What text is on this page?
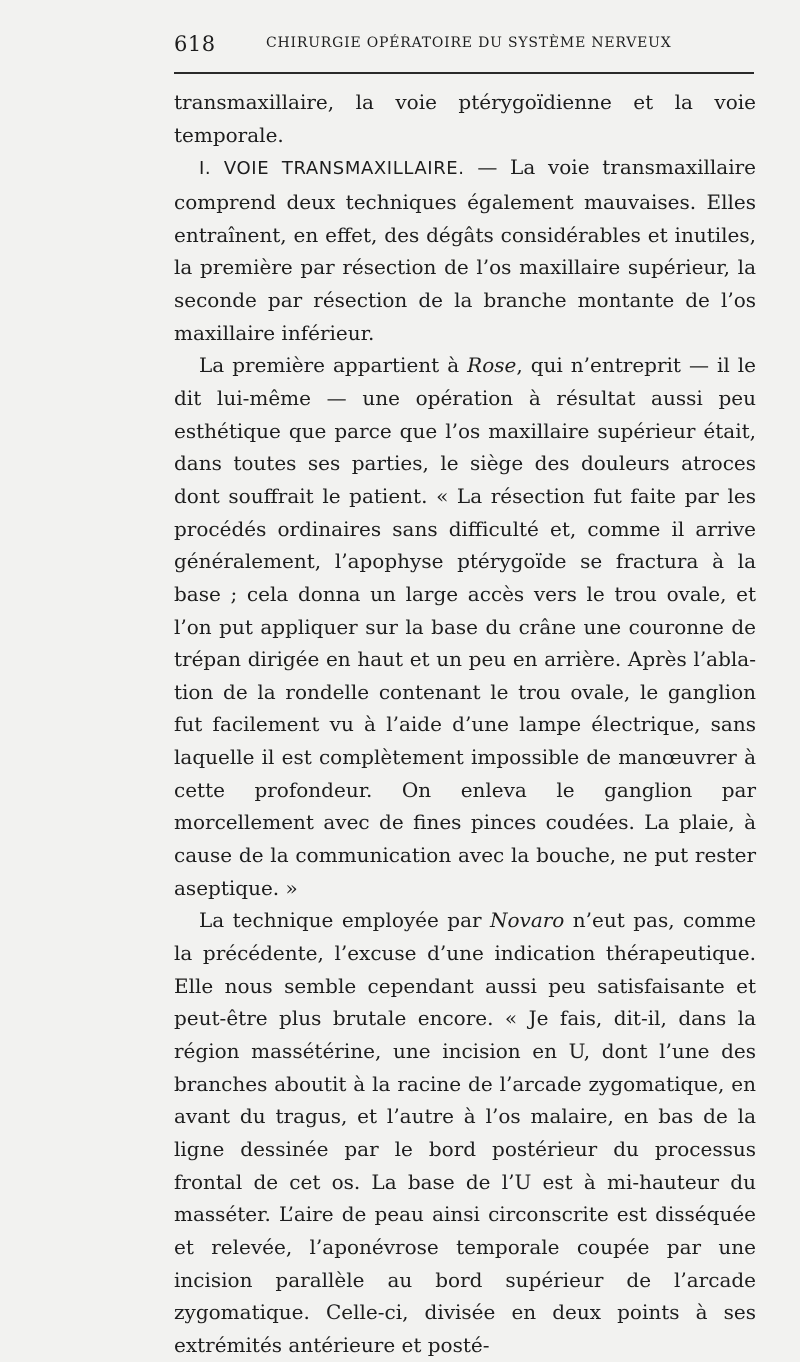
618	CHIRURGIE OPÉRATOIRE DU SYSTÈME NERVEUX

transmaxillaire, la voie ptérygoïdienne et la voie temporale.

I. VOIE TRANSMAXILLAIRE. — La voie transmaxillaire comprend deux techniques également mauvaises. Elles entraînent, en effet, des dégâts considérables et inutiles, la première par résection de l’os maxillaire supérieur, la seconde par résection de la branche montante de l’os maxillaire inférieur.

La première appartient à Rose, qui n’entreprit — il le dit lui-même — une opération à résultat aussi peu esthétique que parce que l’os maxillaire supérieur était, dans toutes ses parties, le siège des douleurs atroces dont souffrait le patient. « La résection fut faite par les procédés ordinaires sans difficulté et, comme il arrive généralement, l’apophyse ptérygoïde se fractura à la base ; cela donna un large accès vers le trou ovale, et l’on put appliquer sur la base du crâne une couronne de trépan dirigée en haut et un peu en arrière. Après l’ablation de la rondelle contenant le trou ovale, le ganglion fut facilement vu à l’aide d’une lampe électrique, sans laquelle il est complètement impossible de manœuvrer à cette profondeur. On enleva le ganglion par morcellement avec de fines pinces coudées. La plaie, à cause de la communication avec la bouche, ne put rester aseptique. »

La technique employée par Novaro n’eut pas, comme la précédente, l’excuse d’une indication thérapeutique. Elle nous semble cependant aussi peu satisfaisante et peut-être plus brutale encore. « Je fais, dit-il, dans la région massétérine, une incision en U, dont l’une des branches aboutit à la racine de l’arcade zygomatique, en avant du tragus, et l’autre à l’os malaire, en bas de la ligne dessinée par le bord postérieur du processus frontal de cet os. La base de l’U est à mi-hauteur du masséter. L’aire de peau ainsi circonscrite est disséquée et relevée, l’aponévrose temporale coupée par une incision parallèle au bord supérieur de l’arcade zygomatique. Celle-ci, divisée en deux points à ses extrémités antérieure et posté-
